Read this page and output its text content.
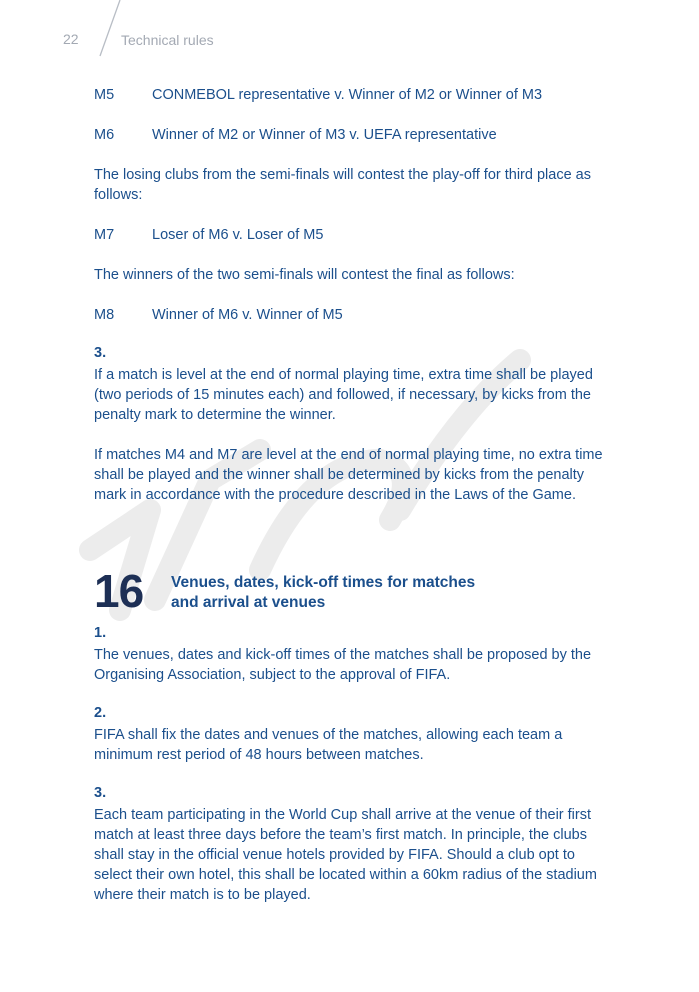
22	Technical rules
M5	CONMEBOL representative v. Winner of M2 or Winner of M3
M6	Winner of M2 or Winner of M3 v. UEFA representative
The losing clubs from the semi-finals will contest the play-off for third place as follows:
M7	Loser of M6 v. Loser of M5
The winners of the two semi-finals will contest the final as follows:
M8	Winner of M6 v. Winner of M5
3.
If a match is level at the end of normal playing time, extra time shall be played (two periods of 15 minutes each) and followed, if necessary, by kicks from the penalty mark to determine the winner.
If matches M4 and M7 are level at the end of normal playing time, no extra time shall be played and the winner shall be determined by kicks from the penalty mark in accordance with the procedure described in the Laws of the Game.
16 Venues, dates, kick-off times for matches
and arrival at venues
1.
The venues, dates and kick-off times of the matches shall be proposed by the Organising Association, subject to the approval of FIFA.
2.
FIFA shall fix the dates and venues of the matches, allowing each team a minimum rest period of 48 hours between matches.
3.
Each team participating in the World Cup shall arrive at the venue of their first match at least three days before the team’s first match. In principle, the clubs shall stay in the official venue hotels provided by FIFA. Should a club opt to select their own hotel, this shall be located within a 60km radius of the stadium where their match is to be played.
